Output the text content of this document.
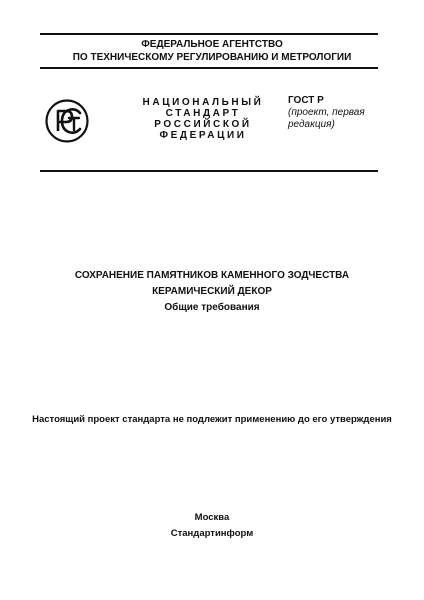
ФЕДЕРАЛЬНОЕ АГЕНТСТВО
ПО ТЕХНИЧЕСКОМУ РЕГУЛИРОВАНИЮ И МЕТРОЛОГИИ
НАЦИОНАЛЬНЫЙ
СТАНДАРТ
РОССИЙСКОЙ
ФЕДЕРАЦИИ
ГОСТ Р
(проект, первая
редакция)
СОХРАНЕНИЕ ПАМЯТНИКОВ КАМЕННОГО ЗОДЧЕСТВА
КЕРАМИЧЕСКИЙ ДЕКОР
Общие требования
Настоящий проект стандарта не подлежит применению до его утверждения
Москва
Стандартинформ
